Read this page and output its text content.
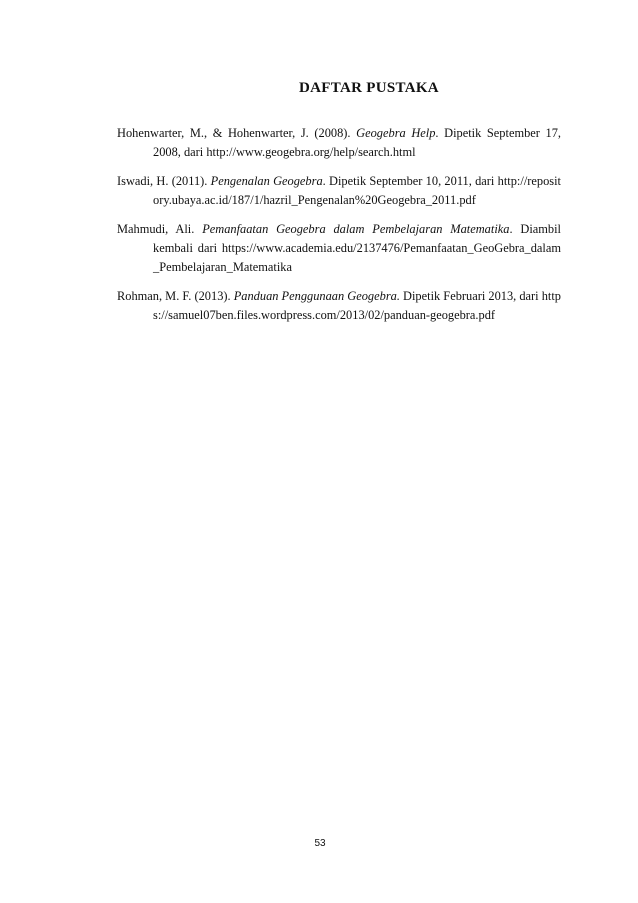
DAFTAR PUSTAKA

Hohenwarter, M., & Hohenwarter, J. (2008). Geogebra Help. Dipetik September 17, 2008, dari http://www.geogebra.org/help/search.html

Iswadi, H. (2011). Pengenalan Geogebra. Dipetik September 10, 2011, dari http://repository.ubaya.ac.id/187/1/hazril_Pengenalan%20Geogebra_2011.pdf

Mahmudi, Ali. Pemanfaatan Geogebra dalam Pembelajaran Matematika. Diambil kembali dari https://www.academia.edu/2137476/Pemanfaatan_GeoGebra_dalam_Pembelajaran_Matematika

Rohman, M. F. (2013). Panduan Penggunaan Geogebra. Dipetik Februari 2013, dari https://samuel07ben.files.wordpress.com/2013/02/panduan-geogebra.pdf

53
